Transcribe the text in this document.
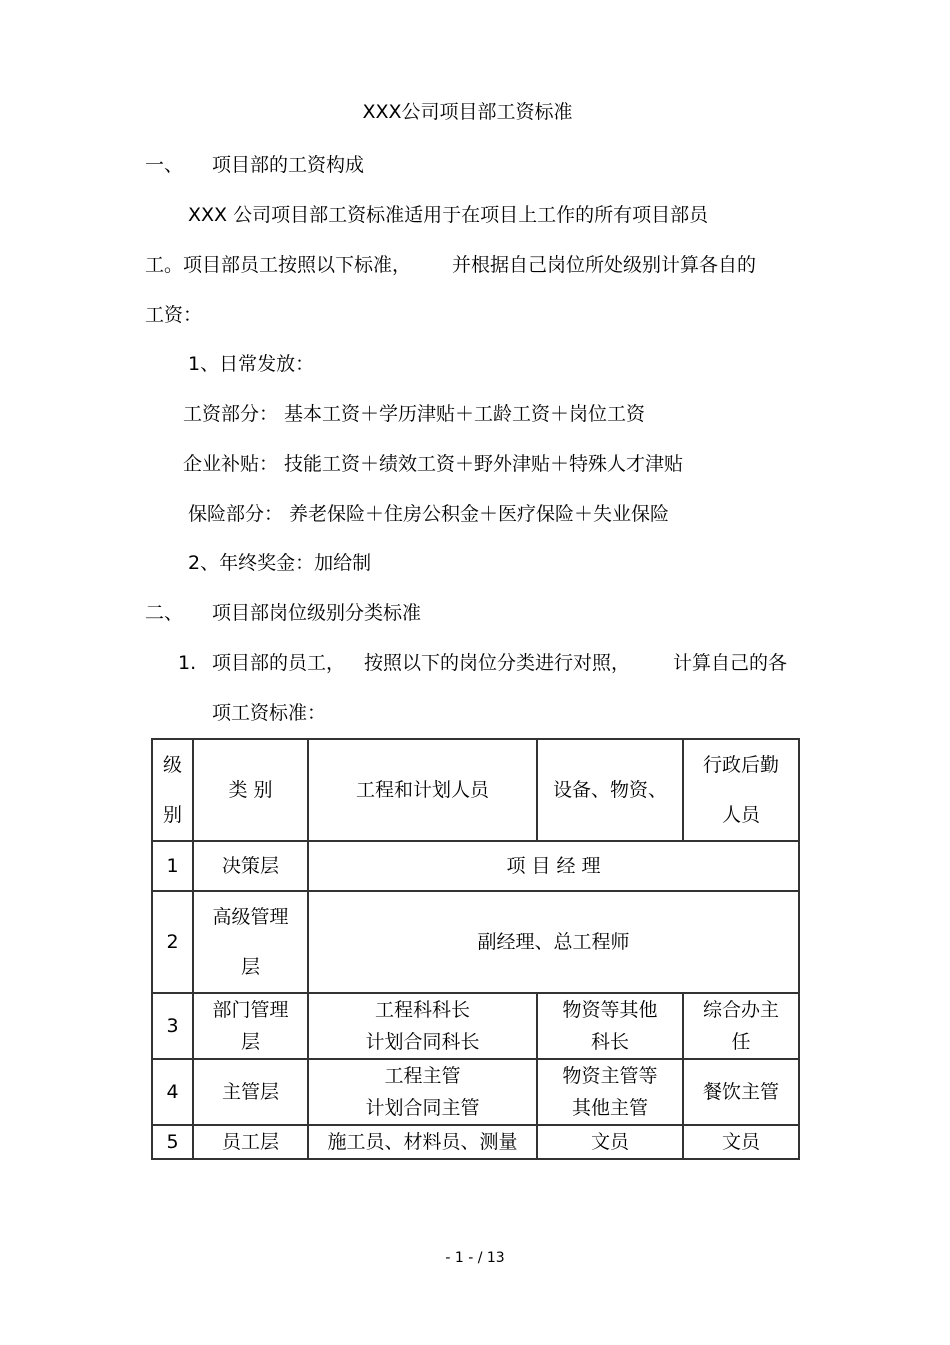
XXX公司项目部工资标准
一、 项目部的工资构成
XXX 公司项目部工资标准适用于在项目上工作的所有项目部员
工。项目部员工按照以下标准， 并根据自己岗位所处级别计算各自的
工资：
1、日常发放：
工资部分： 基本工资＋学历津贴＋工龄工资＋岗位工资
企业补贴： 技能工资＋绩效工资＋野外津贴＋特殊人才津贴
保险部分： 养老保险＋住房公积金＋医疗保险＋失业保险
2、年终奖金：加给制
二、 项目部岗位级别分类标准
1. 项目部的员工， 按照以下的岗位分类进行对照， 计算自己的各
项工资标准：
级
别	类 别	工程和计划人员	设备、物资、	行政后勤
人员

1	决策层	项 目 经 理		
2	高级管理
层	副经理、总工程师		
3	部门管理
层	工程科科长
计划合同科长	物资等其他
科长	综合办主
任

4	主管层	工程主管
计划合同主管	物资主管等
其他主管	餐饮主管
5	员工层	施工员、材料员、测量	文员	文员
- 1 - / 13
